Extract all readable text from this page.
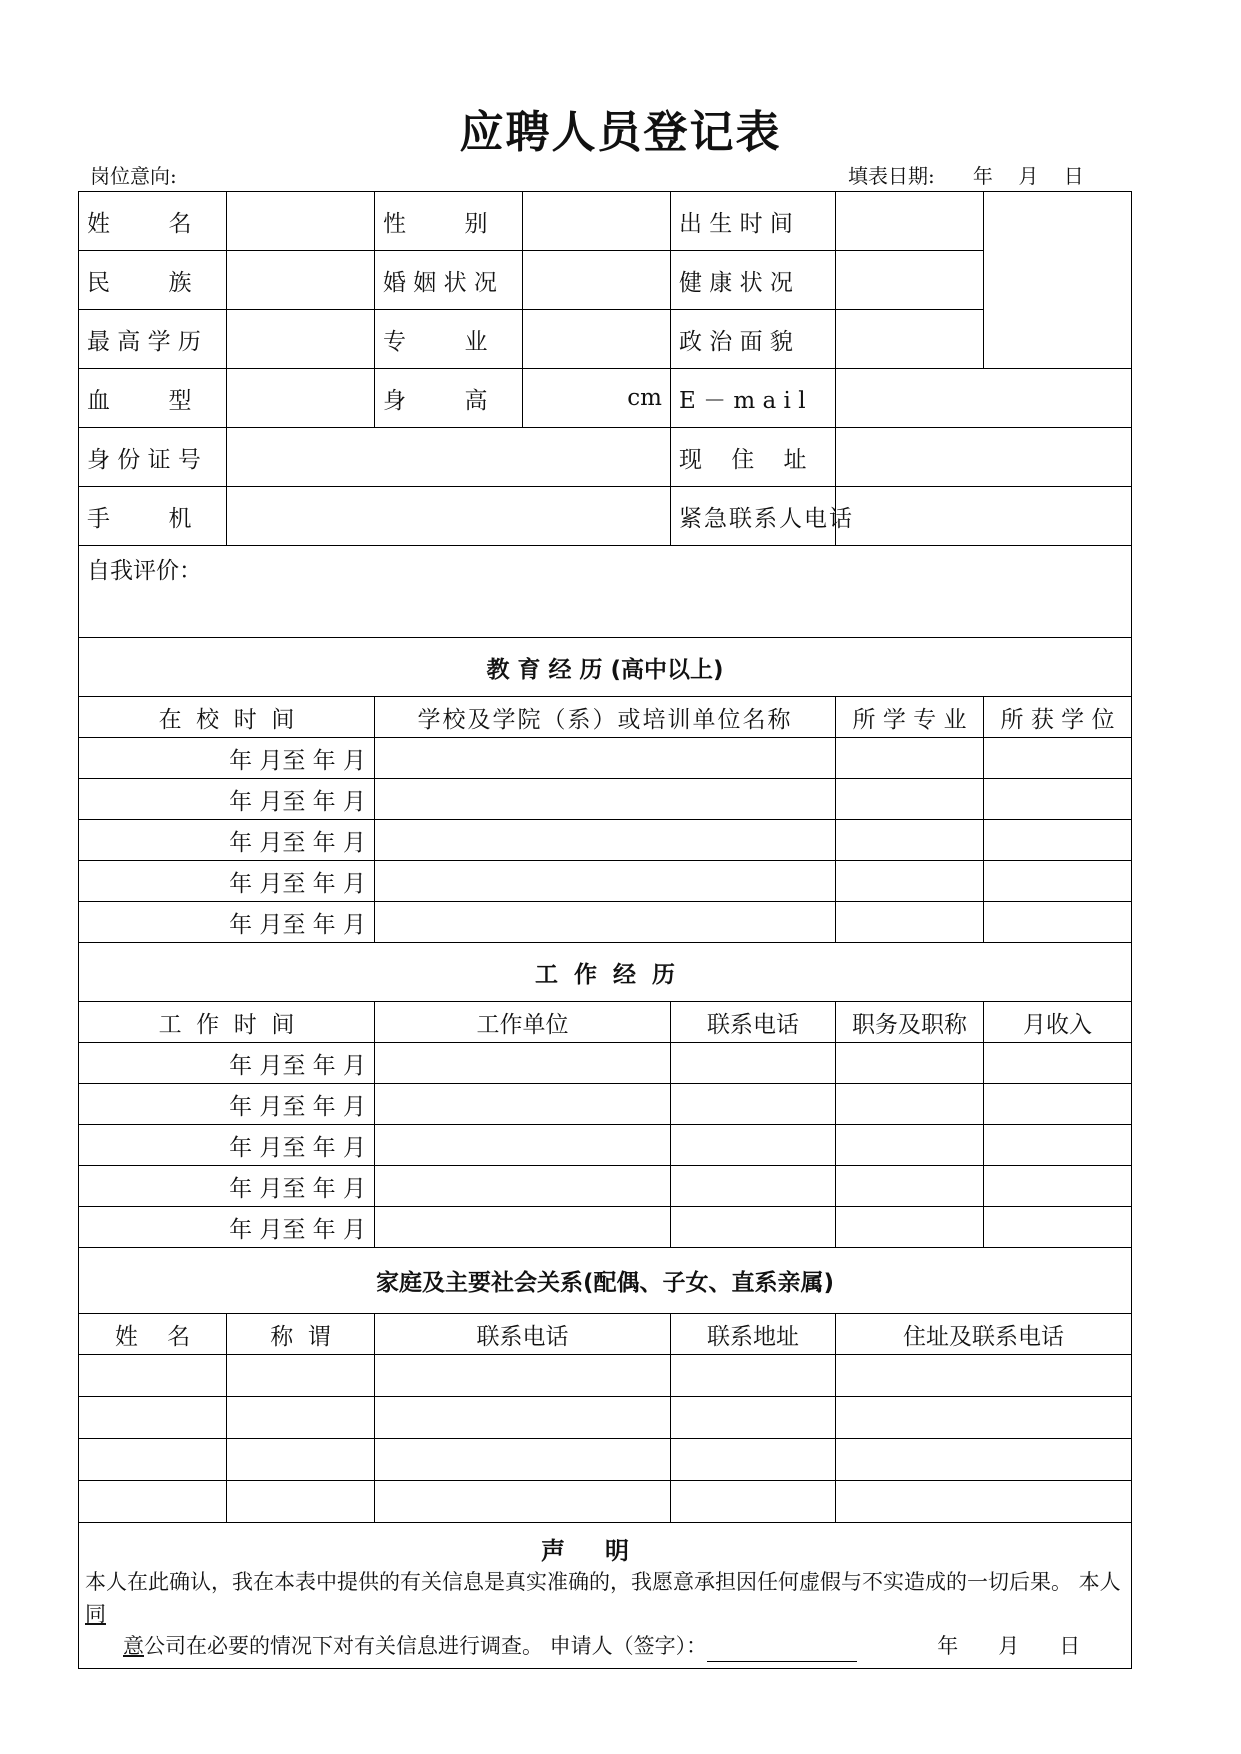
应聘人员登记表
岗位意向:	填表日期: 年    月    日
姓        名		性        别		出 生 时 间		
民        族		婚 姻 状 况		健 康 状 况		
最 高 学 历		专        业		政 治 面 貌		
血        型		身        高	cm	E － m a i l		
身 份 证 号				现    住    址		
手        机				紧急联系人电话		
自我评价：						
教 育 经 历 (高中以上)						
在  校  时  间		学校及学院（系）或培训单位名称			所 学 专 业	所 获 学 位
年 月至 年 月						
年 月至 年 月						
年 月至 年 月						
年 月至 年 月						
年 月至 年 月						
工  作  经  历						
工  作  时  间		工作单位		联系电话	职务及职称	月收入
年 月至 年 月						
年 月至 年 月						
年 月至 年 月						
年 月至 年 月						
年 月至 年 月						
家庭及主要社会关系(配偶、子女、直系亲属)						
姓    名	称  谓	联系电话		联系地址	住址及联系电话	

声明
本人在此确认，我在本表中提供的有关信息是真实准确的，我愿意承担因任何虚假与不实造成的一切后果。 本人同
意公司在必要的情况下对有关信息进行调查。 申请人（签字）： 年      月      日						
